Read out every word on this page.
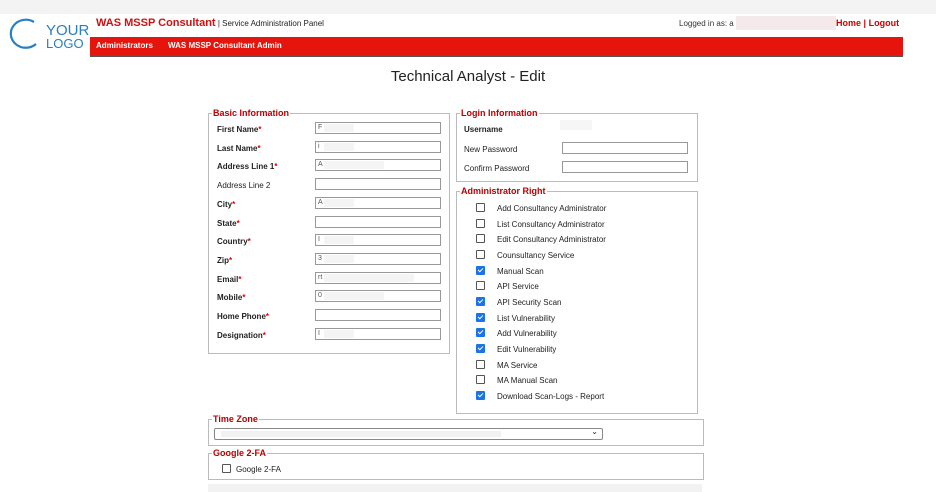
YOUR
LOGO
WAS MSSP Consultant | Service Administration Panel	Logged in as: a	Home | Logout
Administrators WAS MSSP Consultant Admin
Technical Analyst - Edit
Basic Information
First Name*	F
Last Name*	i
Address Line 1*	A
Address Line 2
City*	A
State*
Country*	I
Zip*	3
Email*	rt
Mobile*	0
Home Phone*
Designation*	I
Login Information
Username
New Password
Confirm Password
Administrator Right
Add Consultancy Administrator
List Consultancy Administrator
Edit Consultancy Administrator
Counsultancy Service
Manual Scan
API Service
API Security Scan
List Vulnerability
Add Vulnerability
Edit Vulnerability
MA Service
MA Manual Scan
Download Scan-Logs - Report
Time Zone
⌄
Google 2-FA
Google 2-FA
